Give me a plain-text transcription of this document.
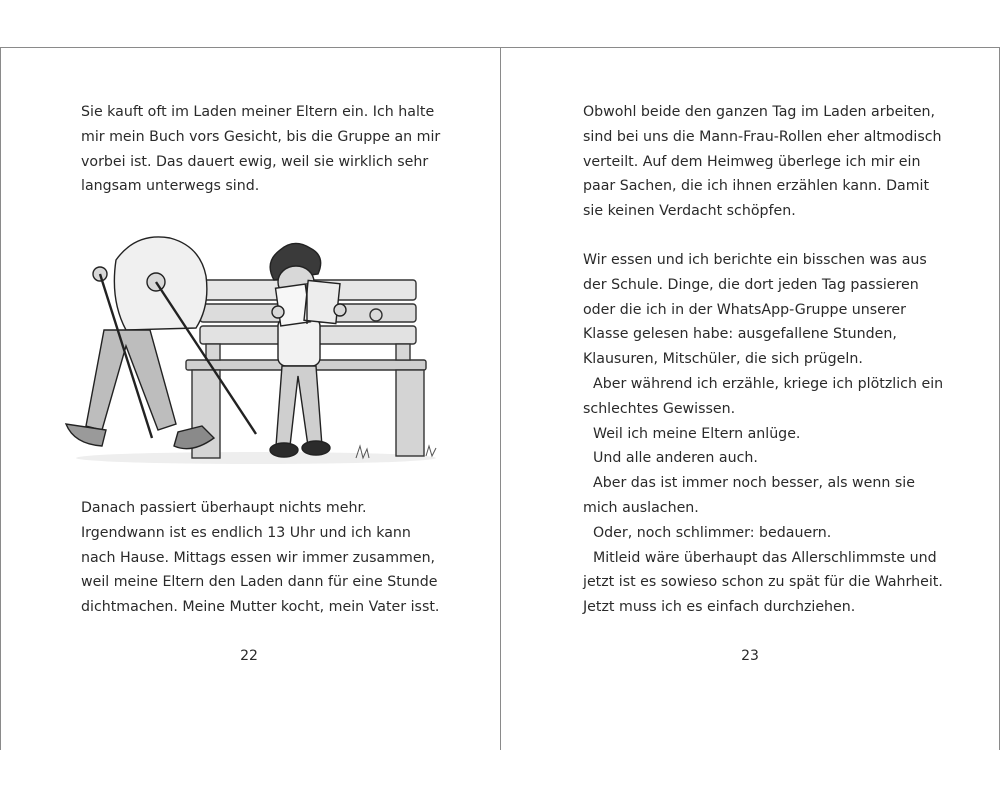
Sie kauft oft im Laden meiner Eltern ein. Ich halte
mir mein Buch vors Gesicht, bis die Gruppe an mir
vorbei ist. Das dauert ewig, weil sie wirklich sehr
langsam unterwegs sind.

Danach passiert überhaupt nichts mehr.
Irgendwann ist es endlich 13 Uhr und ich kann
nach Hause. Mittags essen wir immer zusammen,
weil meine Eltern den Laden dann für eine Stunde
dichtmachen. Meine Mutter kocht, mein Vater isst.

22

Obwohl beide den ganzen Tag im Laden arbeiten,
sind bei uns die Mann-Frau-Rollen eher altmodisch
verteilt. Auf dem Heimweg überlege ich mir ein
paar Sachen, die ich ihnen erzählen kann. Damit
sie keinen Verdacht schöpfen.

Wir essen und ich berichte ein bisschen was aus
der Schule. Dinge, die dort jeden Tag passieren
oder die ich in der WhatsApp-Gruppe unserer
Klasse gelesen habe: ausgefallene Stunden,
Klausuren, Mitschüler, die sich prügeln.
Aber während ich erzähle, kriege ich plötzlich ein
schlechtes Gewissen.
Weil ich meine Eltern anlüge.
Und alle anderen auch.
Aber das ist immer noch besser, als wenn sie
mich auslachen.
Oder, noch schlimmer: bedauern.
Mitleid wäre überhaupt das Allerschlimmste und
jetzt ist es sowieso schon zu spät für die Wahrheit.
Jetzt muss ich es einfach durchziehen.

23
